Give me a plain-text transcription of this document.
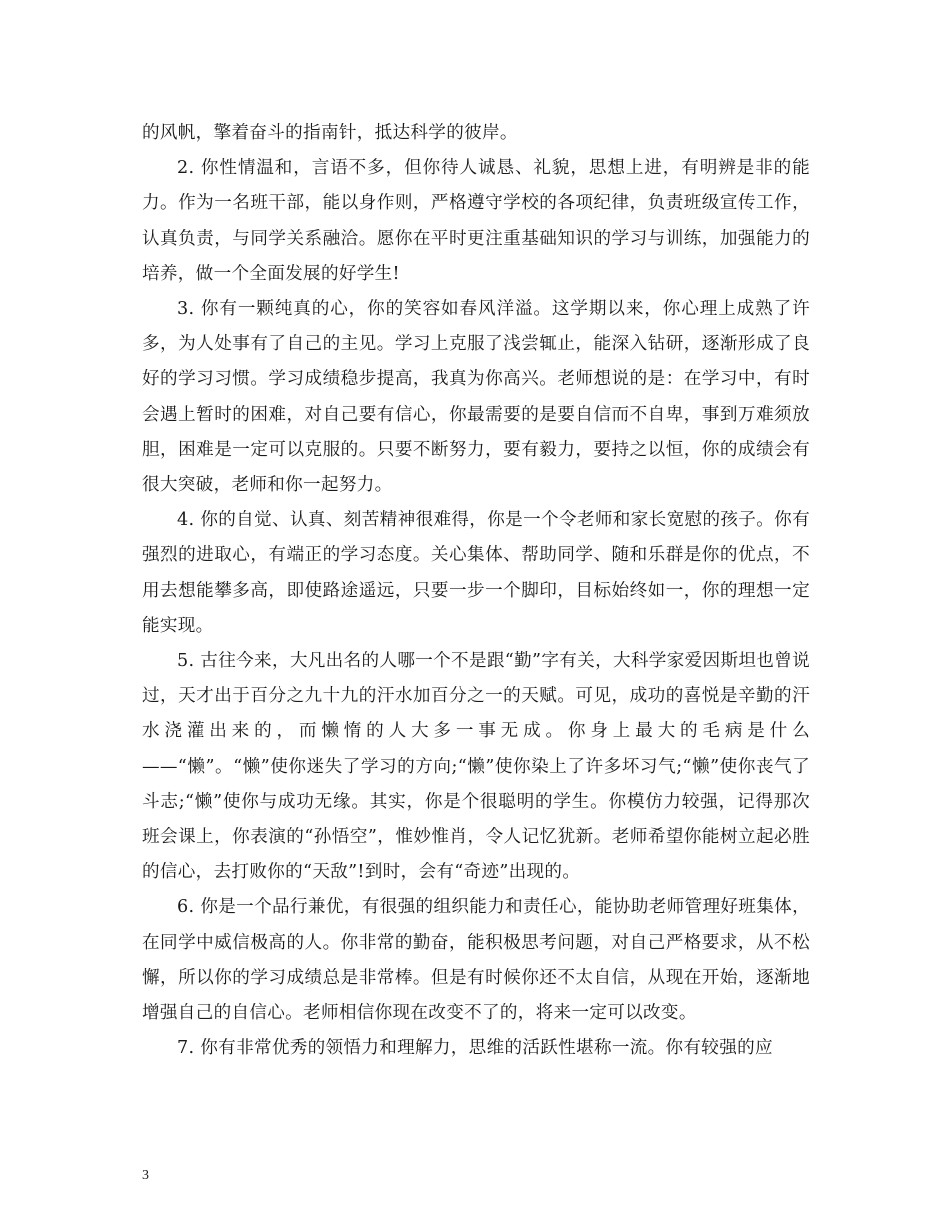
的风帆，擎着奋斗的指南针，抵达科学的彼岸。

2. 你性情温和，言语不多，但你待人诚恳、礼貌，思想上进，有明辨是非的能力。作为一名班干部，能以身作则，严格遵守学校的各项纪律，负责班级宣传工作，认真负责，与同学关系融洽。愿你在平时更注重基础知识的学习与训练，加强能力的培养，做一个全面发展的好学生!

3. 你有一颗纯真的心，你的笑容如春风洋溢。这学期以来，你心理上成熟了许多，为人处事有了自己的主见。学习上克服了浅尝辄止，能深入钻研，逐渐形成了良好的学习习惯。学习成绩稳步提高，我真为你高兴。老师想说的是：在学习中，有时会遇上暂时的困难，对自己要有信心，你最需要的是要自信而不自卑，事到万难须放胆，困难是一定可以克服的。只要不断努力，要有毅力，要持之以恒，你的成绩会有很大突破，老师和你一起努力。

4. 你的自觉、认真、刻苦精神很难得，你是一个令老师和家长宽慰的孩子。你有强烈的进取心，有端正的学习态度。关心集体、帮助同学、随和乐群是你的优点，不用去想能攀多高，即使路途遥远，只要一步一个脚印，目标始终如一，你的理想一定能实现。

5. 古往今来，大凡出名的人哪一个不是跟“勤”字有关，大科学家爱因斯坦也曾说过，天才出于百分之九十九的汗水加百分之一的天赋。可见，成功的喜悦是辛勤的汗水浇灌出来的，而懒惰的人大多一事无成。你身上最大的毛病是什么——“懒”。“懒”使你迷失了学习的方向;“懒”使你染上了许多坏习气;“懒”使你丧气了斗志;“懒”使你与成功无缘。其实，你是个很聪明的学生。你模仿力较强，记得那次班会课上，你表演的“孙悟空”，惟妙惟肖，令人记忆犹新。老师希望你能树立起必胜的信心，去打败你的“天敌”!到时，会有“奇迹”出现的。

6. 你是一个品行兼优，有很强的组织能力和责任心，能协助老师管理好班集体，在同学中威信极高的人。你非常的勤奋，能积极思考问题，对自己严格要求，从不松懈，所以你的学习成绩总是非常棒。但是有时候你还不太自信，从现在开始，逐渐地增强自己的自信心。老师相信你现在改变不了的，将来一定可以改变。

7. 你有非常优秀的领悟力和理解力，思维的活跃性堪称一流。你有较强的应

3
